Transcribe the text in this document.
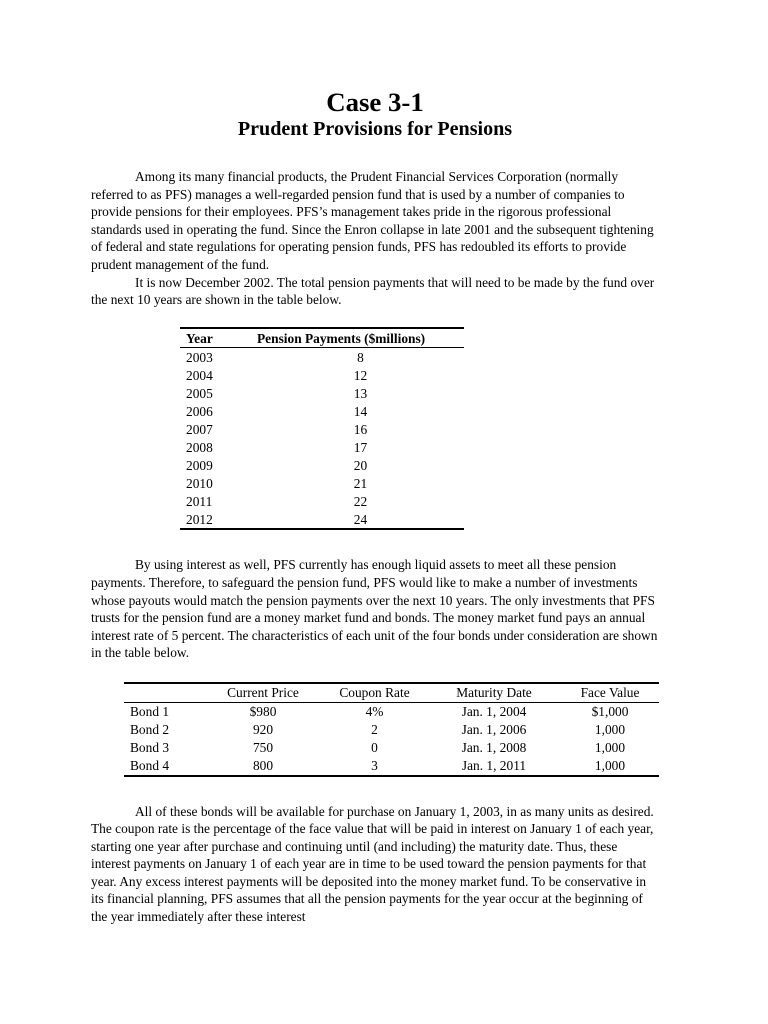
Case 3-1
Prudent Provisions for Pensions

Among its many financial products, the Prudent Financial Services Corporation (normally referred to as PFS) manages a well-regarded pension fund that is used by a number of companies to provide pensions for their employees. PFS’s management takes pride in the rigorous professional standards used in operating the fund. Since the Enron collapse in late 2001 and the subsequent tightening of federal and state regulations for operating pension funds, PFS has redoubled its efforts to provide prudent management of the fund.

It is now December 2002. The total pension payments that will need to be made by the fund over the next 10 years are shown in the table below.

Year	Pension Payments ($millions)
2003	8
2004	12
2005	13
2006	14
2007	16
2008	17
2009	20
2010	21
2011	22
2012	24

By using interest as well, PFS currently has enough liquid assets to meet all these pension payments. Therefore, to safeguard the pension fund, PFS would like to make a number of investments whose payouts would match the pension payments over the next 10 years. The only investments that PFS trusts for the pension fund are a money market fund and bonds. The money market fund pays an annual interest rate of 5 percent. The characteristics of each unit of the four bonds under consideration are shown in the table below.

	Current Price	Coupon Rate	Maturity Date	Face Value
Bond 1	$980	4%	Jan. 1, 2004	$1,000
Bond 2	920	2	Jan. 1, 2006	1,000
Bond 3	750	0	Jan. 1, 2008	1,000
Bond 4	800	3	Jan. 1, 2011	1,000

All of these bonds will be available for purchase on January 1, 2003, in as many units as desired. The coupon rate is the percentage of the face value that will be paid in interest on January 1 of each year, starting one year after purchase and continuing until (and including) the maturity date. Thus, these interest payments on January 1 of each year are in time to be used toward the pension payments for that year. Any excess interest payments will be deposited into the money market fund. To be conservative in its financial planning, PFS assumes that all the pension payments for the year occur at the beginning of the year immediately after these interest
